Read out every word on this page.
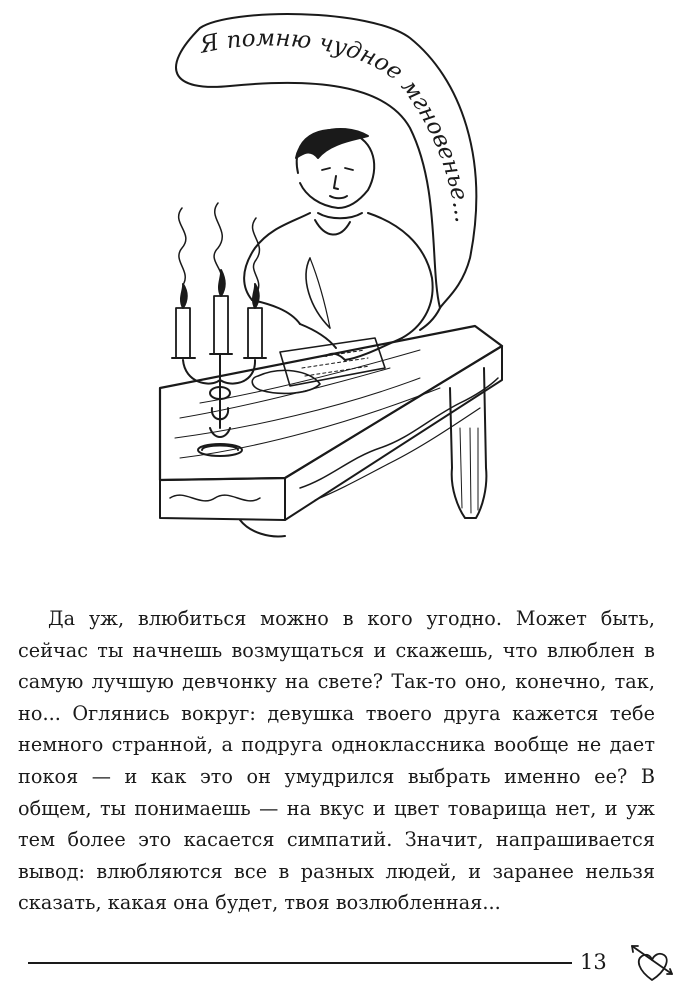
Я помню чудное мгновенье...

Да уж, влюбиться можно в кого угодно. Может быть, сейчас ты начнешь возмущаться и скажешь, что влюблен в самую лучшую девчонку на свете? Так-то оно, конечно, так, но... Оглянись вокруг: девушка твоего друга кажется тебе немного странной, а подруга одноклассника вообще не дает покоя — и как это он умудрился выбрать именно ее? В общем, ты понимаешь — на вкус и цвет товарища нет, и уж тем более это касается симпатий. Значит, напрашивается вывод: влюбляются все в разных людей, и заранее нельзя сказать, какая она будет, твоя возлюбленная...

13
